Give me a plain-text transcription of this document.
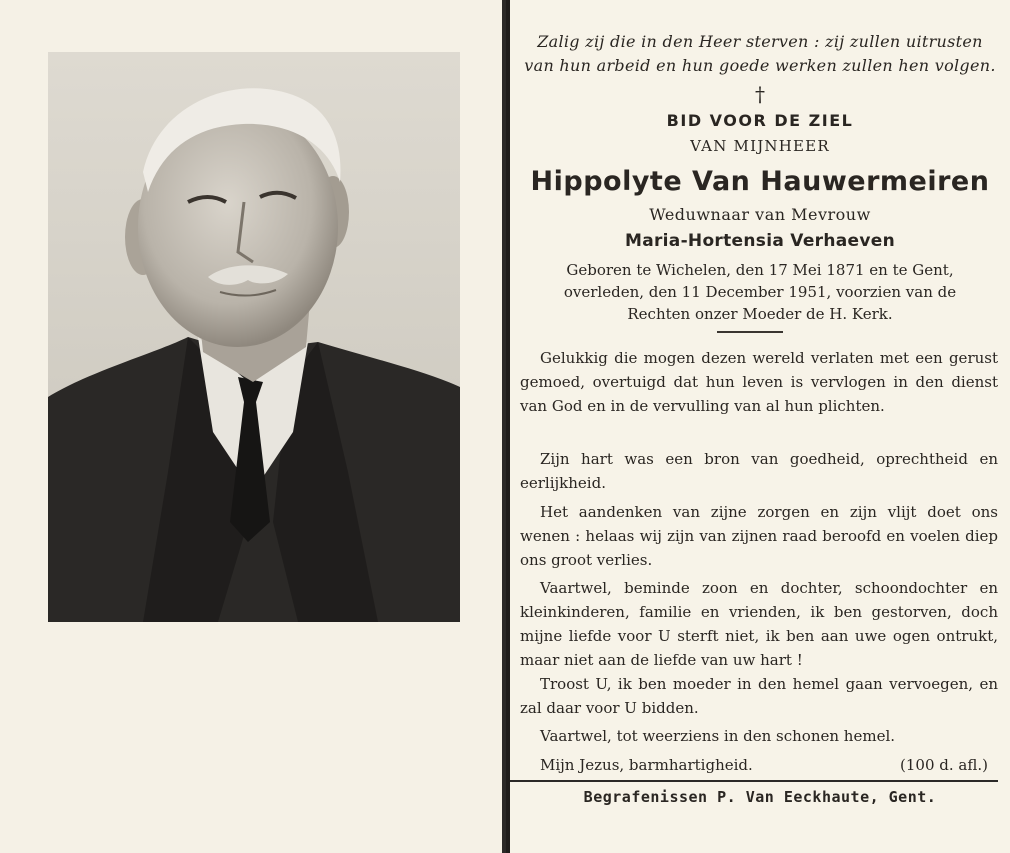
Zalig zij die in den Heer sterven : zij zullen uitrusten
van hun arbeid en hun goede werken zullen hen volgen.
†
BID VOOR DE ZIEL
VAN MIJNHEER
Hippolyte Van Hauwermeiren
Weduwnaar van Mevrouw
Maria-Hortensia Verhaeven
Geboren te Wichelen, den 17 Mei 1871 en te Gent,
overleden, den 11 December 1951, voorzien van de
Rechten onzer Moeder de H. Kerk.
Gelukkig die mogen dezen wereld verlaten met een gerust gemoed, overtuigd dat hun leven is vervlogen in den dienst van God en in de vervulling van al hun plichten.
Zijn hart was een bron van goedheid, oprechtheid en eerlijkheid.
Het aandenken van zijne zorgen en zijn vlijt doet ons wenen : helaas wij zijn van zijnen raad beroofd en voelen diep ons groot verlies.
Vaartwel, beminde zoon en dochter, schoondochter en kleinkinderen, familie en vrienden, ik ben gestorven, doch mijne liefde voor U sterft niet, ik ben aan uwe ogen ontrukt, maar niet aan de liefde van uw hart !
Troost U, ik ben moeder in den hemel gaan vervoegen, en zal daar voor U bidden.
Vaartwel, tot weerziens in den schonen hemel.
Mijn Jezus, barmhartigheid.	(100 d. afl.)
Begrafenissen P. Van Eeckhaute, Gent.
